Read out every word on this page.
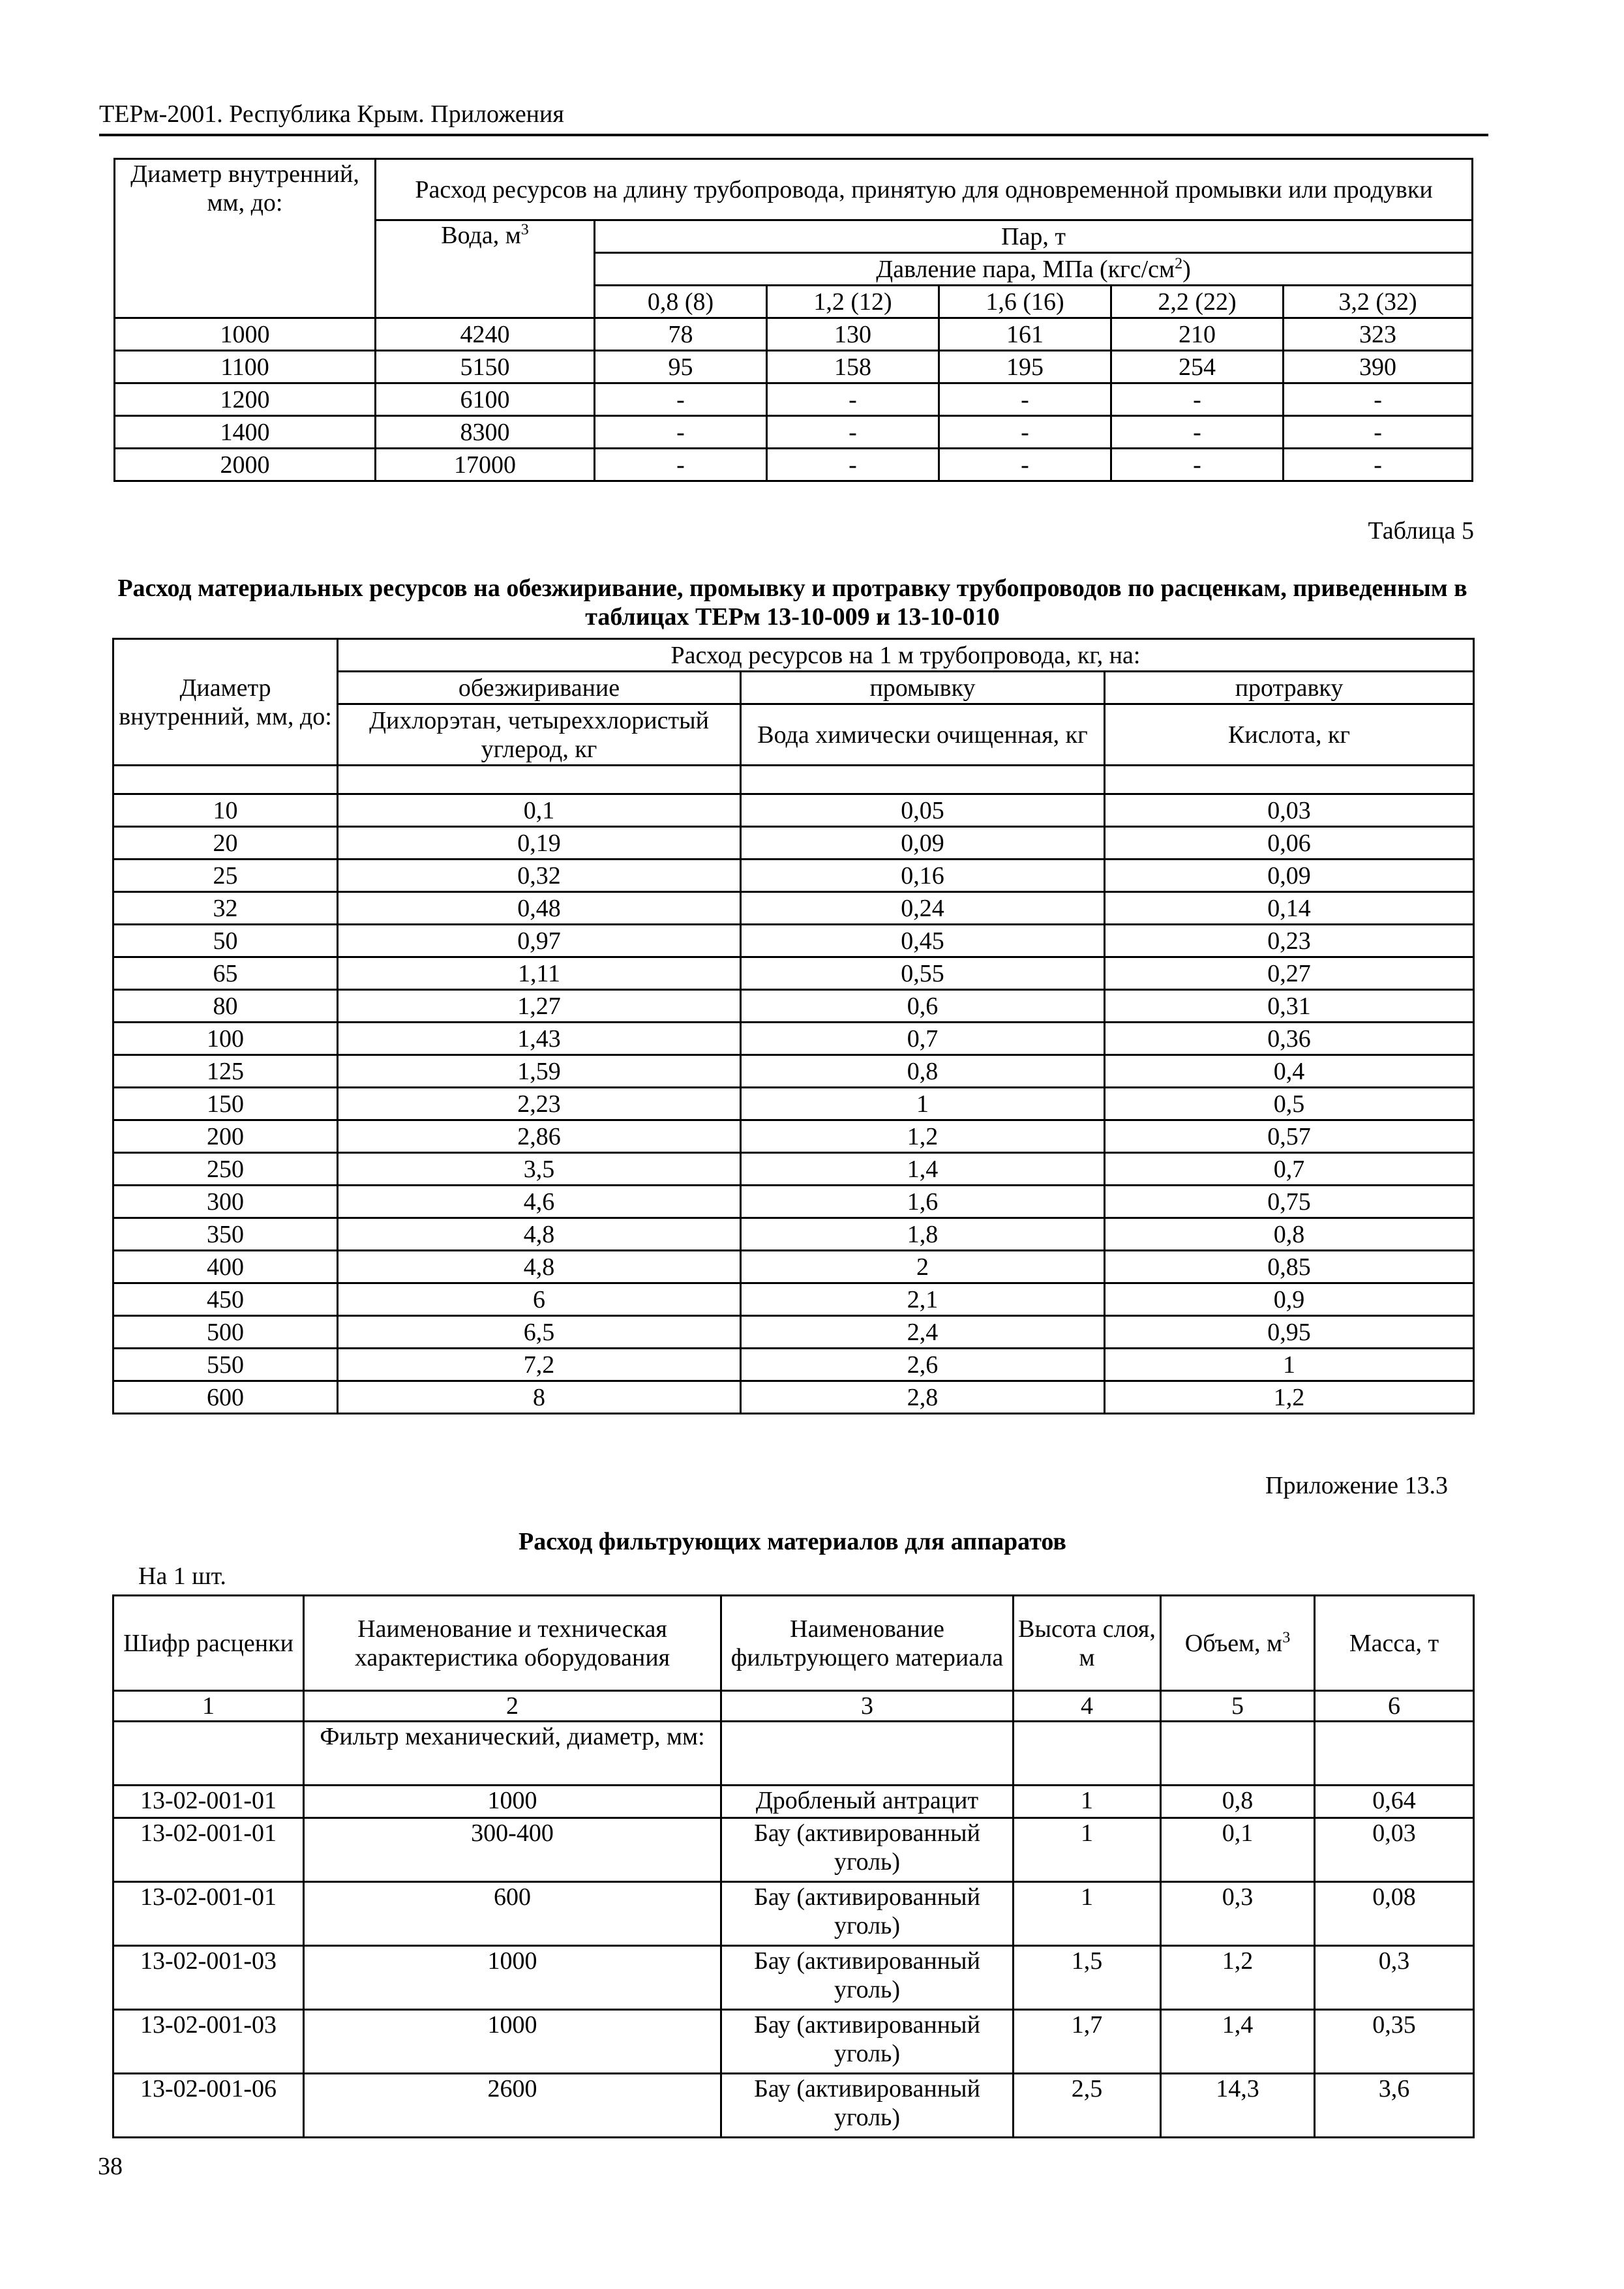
ТЕРм-2001. Республика Крым. Приложения
Диаметр внутренний, мм, до:	Расход ресурсов на длину трубопровода, принятую для одновременной промывки или продувки					
	Вода, $м^3$	Пар, т				
		Давление пара, МПа $(кгс/см^2)$				
		0,8 (8)	1,2 (12)	1,6 (16)	2,2 (22)	3,2 (32)
1000	4240	78	130	161	210	323
1100	5150	95	158	195	254	390
1200	6100	-	-	-	-	-
1400	8300	-	-	-	-	-
2000	17000	-	-	-	-	-
Таблица 5
Расход материальных ресурсов на обезжиривание, промывку и протравку трубопроводов по расценкам, приведенным в таблицах ТЕРм 13-10-009 и 13-10-010
Диаметр внутренний, мм, до:	Расход ресурсов на 1 м трубопровода, кг, на:		
	обезжиривание	промывку	протравку
	Дихлорэтан, четыреххлористый углерод, кг	Вода химически очищенная, кг	Кислота, кг

10	0,1	0,05	0,03
20	0,19	0,09	0,06
25	0,32	0,16	0,09
32	0,48	0,24	0,14
50	0,97	0,45	0,23
65	1,11	0,55	0,27
80	1,27	0,6	0,31
100	1,43	0,7	0,36
125	1,59	0,8	0,4
150	2,23	1	0,5
200	2,86	1,2	0,57
250	3,5	1,4	0,7
300	4,6	1,6	0,75
350	4,8	1,8	0,8
400	4,8	2	0,85
450	6	2,1	0,9
500	6,5	2,4	0,95
550	7,2	2,6	1
600	8	2,8	1,2
Приложение 13.3
Расход фильтрующих материалов для аппаратов
На 1 шт.
Шифр расценки	Наименование и техническая характеристика оборудования	Наименование фильтрующего материала	Высота слоя, м	Объем, $м^3$	Масса, т
1	2	3	4	5	6
	Фильтр механический, диаметр, мм:				
13-02-001-01	1000	Дробленый антрацит	1	0,8	0,64
13-02-001-01	300-400	Бау (активированный уголь)	1	0,1	0,03
13-02-001-01	600	Бау (активированный уголь)	1	0,3	0,08
13-02-001-03	1000	Бау (активированный уголь)	1,5	1,2	0,3
13-02-001-03	1000	Бау (активированный уголь)	1,7	1,4	0,35
13-02-001-06	2600	Бау (активированный уголь)	2,5	14,3	3,6
38
